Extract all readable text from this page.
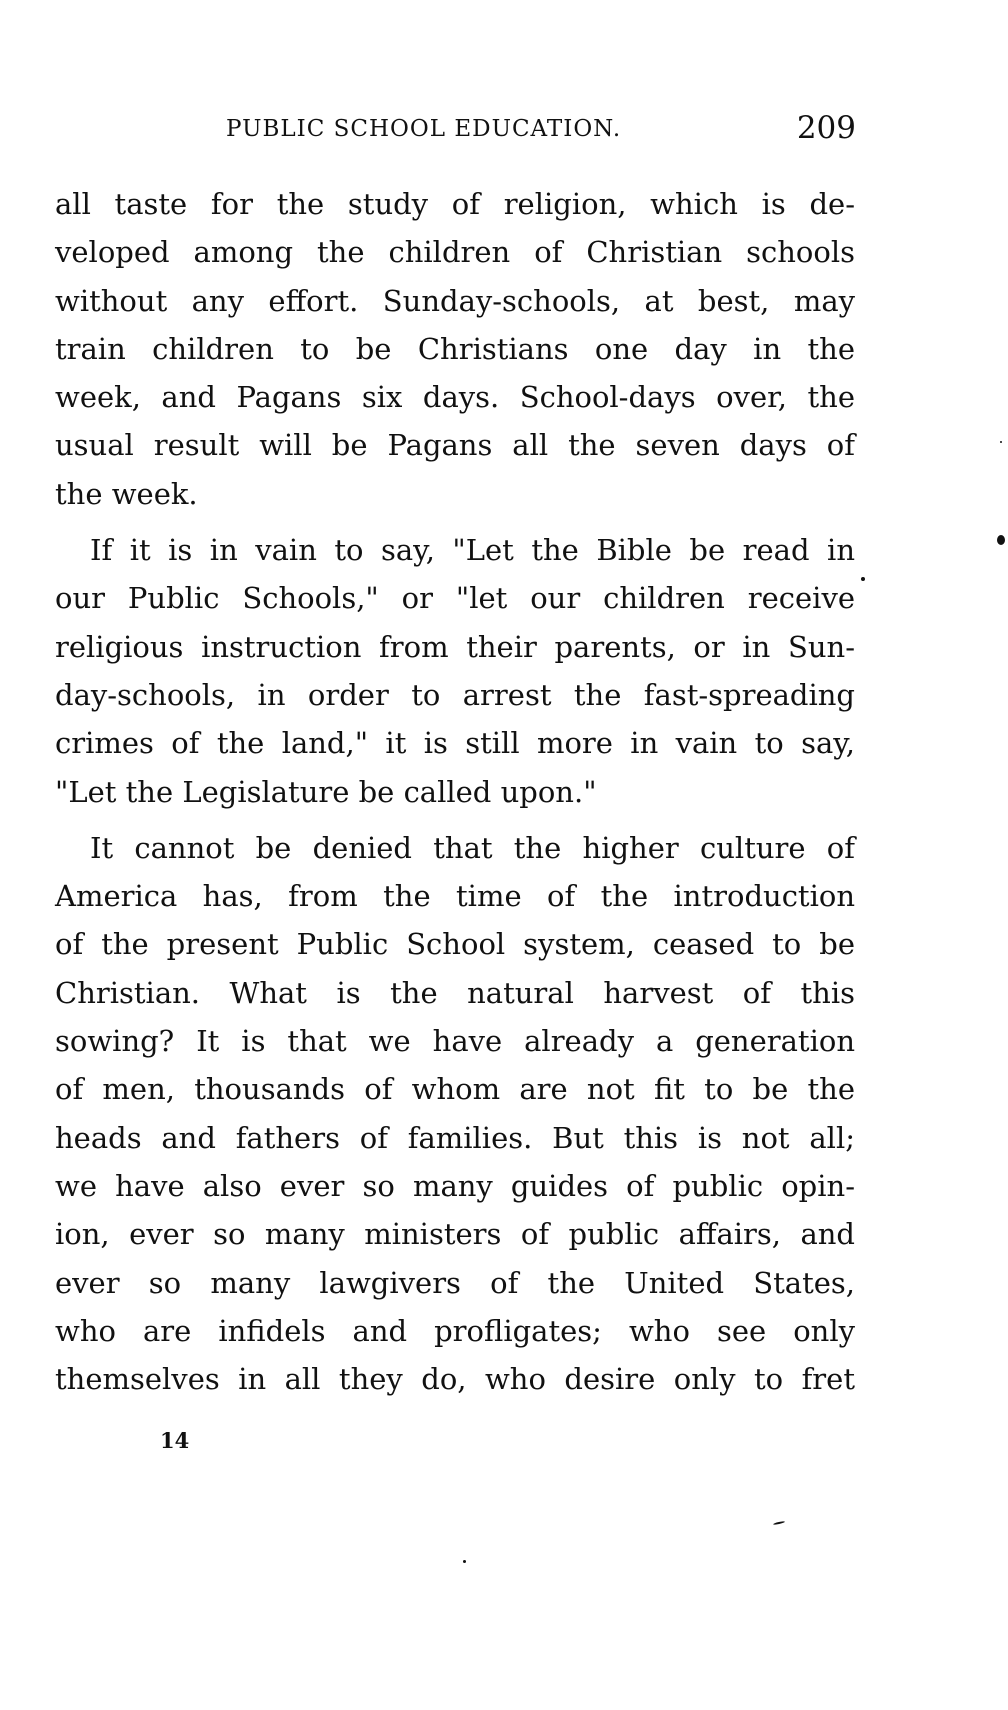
PUBLIC SCHOOL EDUCATION.	209
all taste for the study of religion, which is de-
veloped among the children of Christian schools
without any effort. Sunday-schools, at best, may
train children to be Christians one day in the
week, and Pagans six days. School-days over, the
usual result will be Pagans all the seven days of
the week.
If it is in vain to say, "Let the Bible be read in
our Public Schools," or "let our children receive
religious instruction from their parents, or in Sun-
day-schools, in order to arrest the fast-spreading
crimes of the land," it is still more in vain to say,
"Let the Legislature be called upon."
It cannot be denied that the higher culture of
America has, from the time of the introduction
of the present Public School system, ceased to be
Christian. What is the natural harvest of this
sowing? It is that we have already a generation
of men, thousands of whom are not fit to be the
heads and fathers of families. But this is not all;
we have also ever so many guides of public opin-
ion, ever so many ministers of public affairs, and
ever so many lawgivers of the United States,
who are infidels and profligates; who see only
themselves in all they do, who desire only to fret
14
